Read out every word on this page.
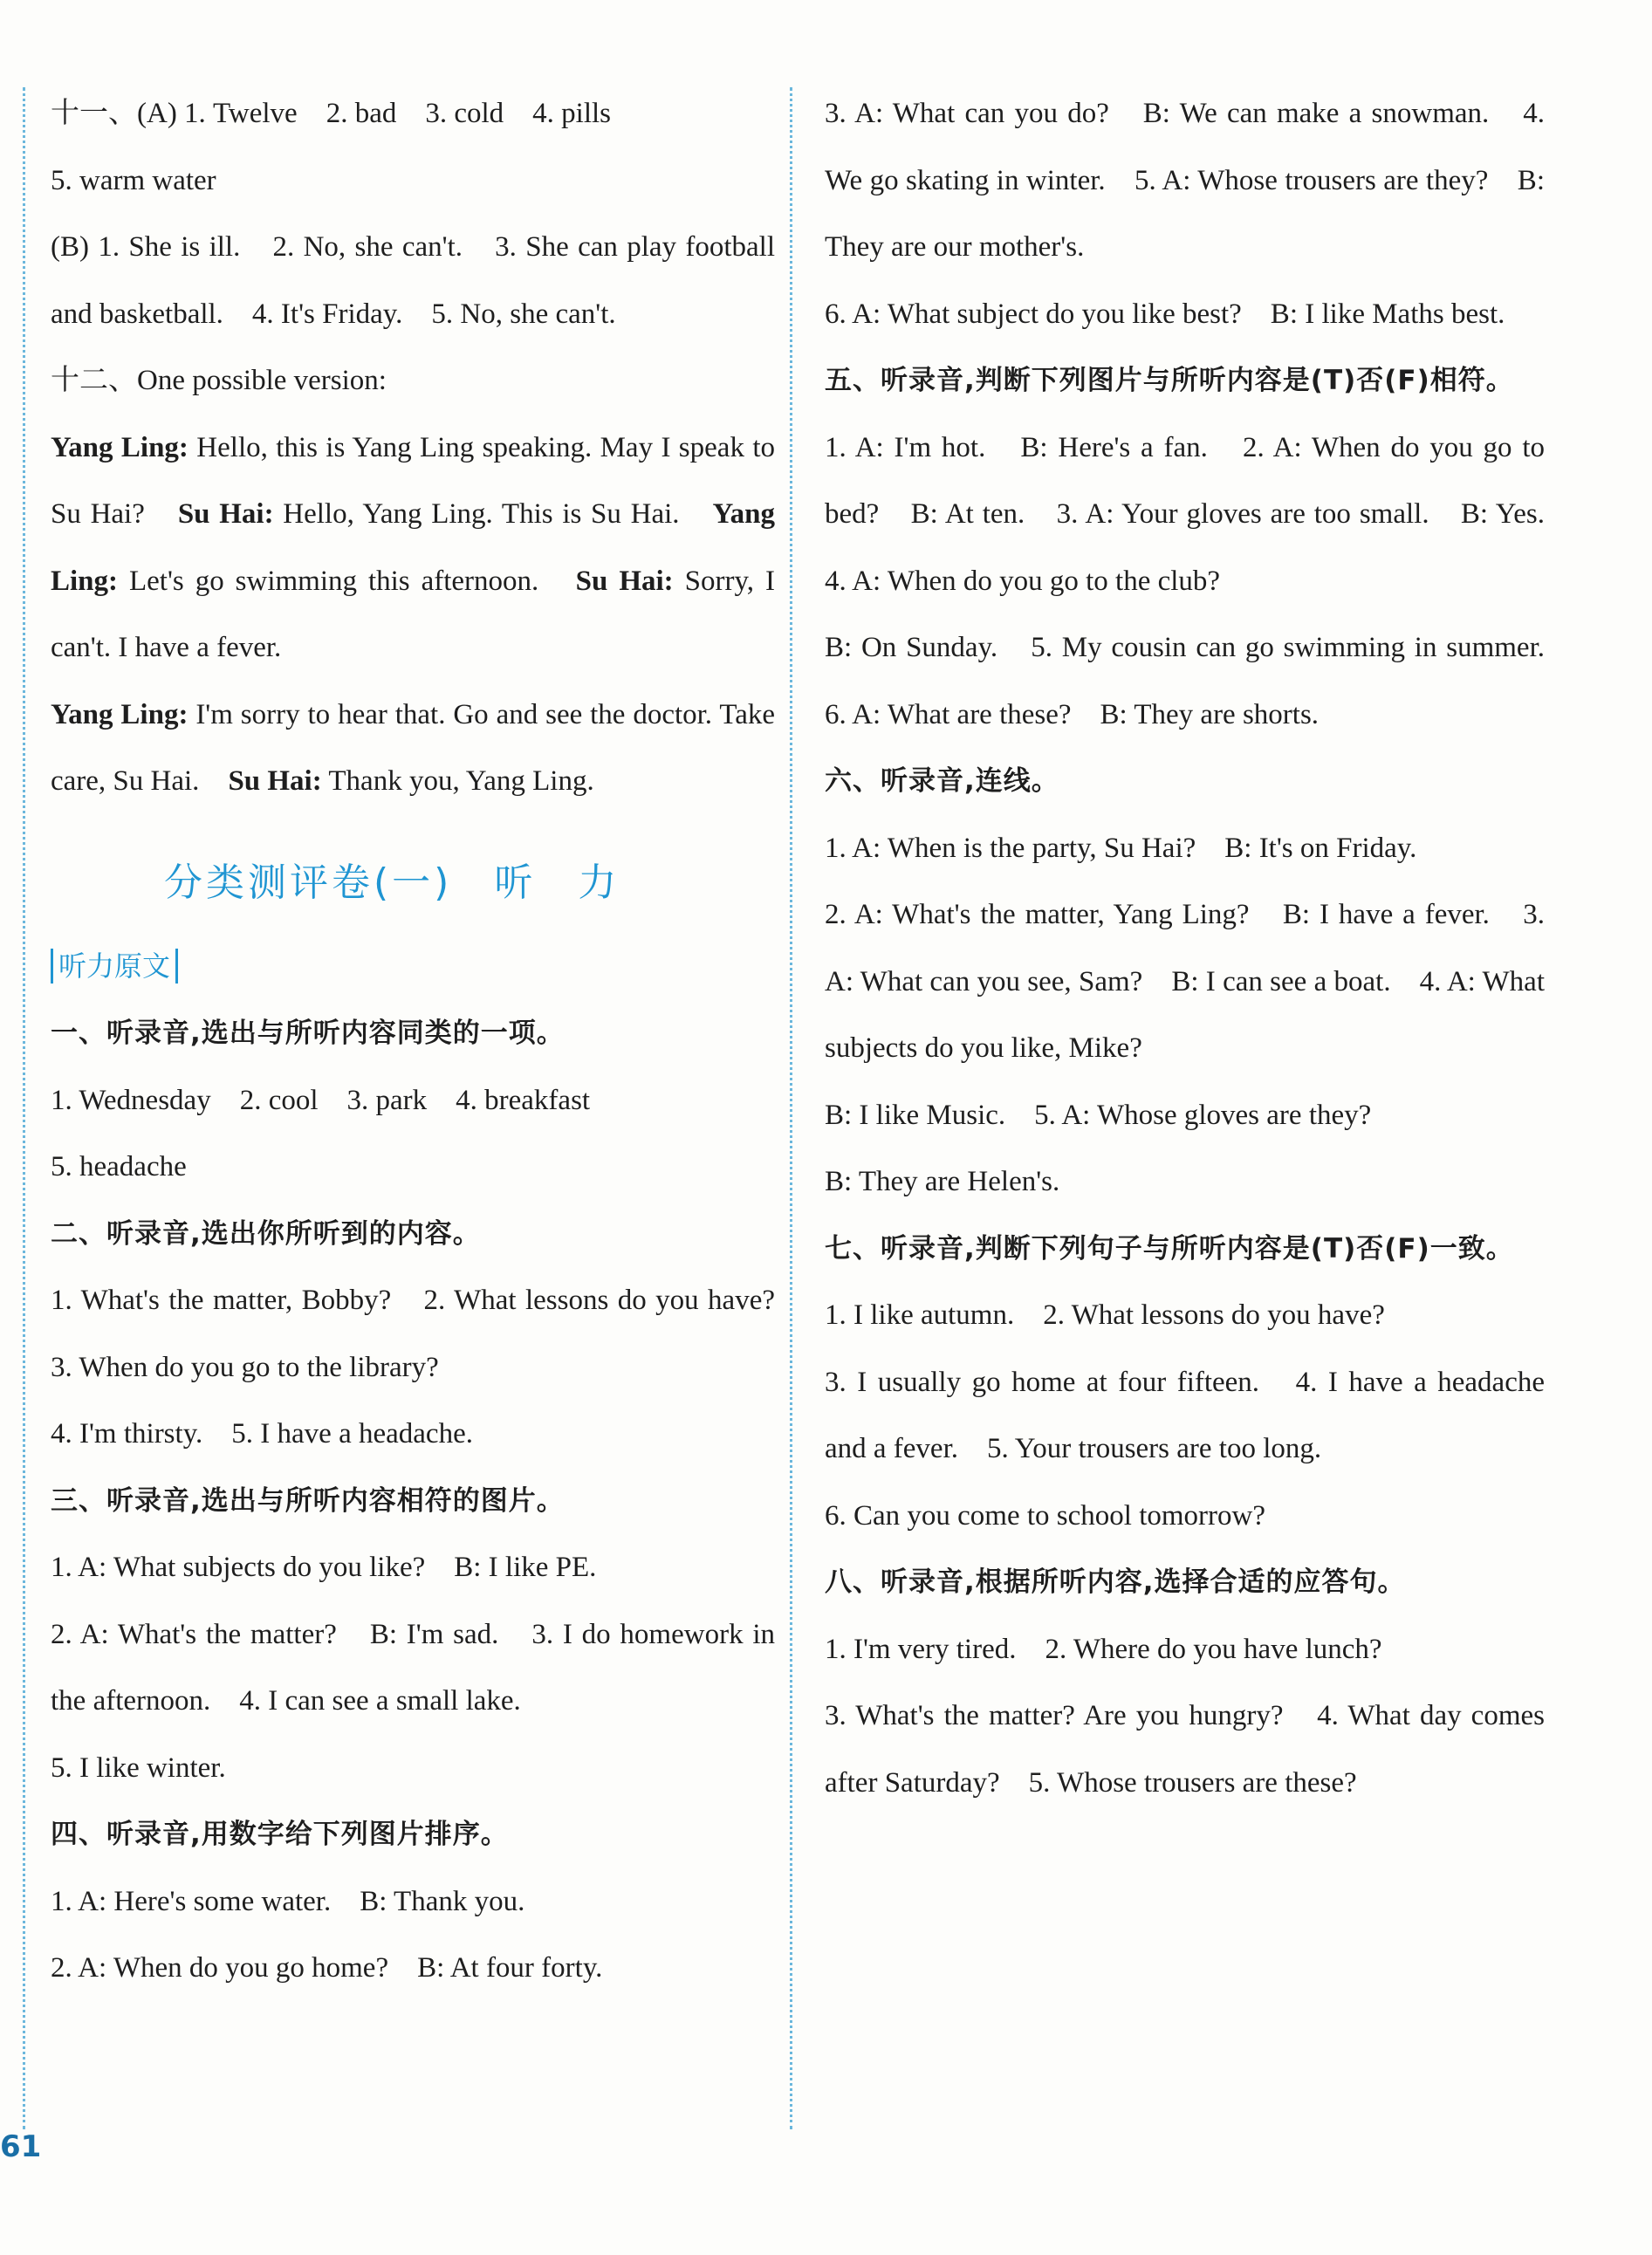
十一、(A) 1. Twelve　2. bad　3. cold　4. pills

5. warm water

(B) 1. She is ill.　2. No, she can't.　3. She can play football and basketball.　4. It's Friday.　5. No, she can't.

十二、One possible version:

Yang Ling: Hello, this is Yang Ling speaking. May I speak to Su Hai?　Su Hai: Hello, Yang Ling. This is Su Hai.　Yang Ling: Let's go swimming this afternoon.　Su Hai: Sorry, I can't. I have a fever.

Yang Ling: I'm sorry to hear that. Go and see the doctor. Take care, Su Hai.　Su Hai: Thank you, Yang Ling.

分类测评卷(一)　听　力
听力原文

一、听录音,选出与所听内容同类的一项。

1. Wednesday　2. cool　3. park　4. breakfast

5. headache

二、听录音,选出你所听到的内容。

1. What's the matter, Bobby?　2. What lessons do you have?　3. When do you go to the library?

4. I'm thirsty.　5. I have a headache.

三、听录音,选出与所听内容相符的图片。

1. A: What subjects do you like?　B: I like PE.

2. A: What's the matter?　B: I'm sad.　3. I do homework in the afternoon.　4. I can see a small lake.

5. I like winter.

四、听录音,用数字给下列图片排序。

1. A: Here's some water.　B: Thank you.

2. A: When do you go home?　B: At four forty.

3. A: What can you do?　B: We can make a snowman.　4. We go skating in winter.　5. A: Whose trousers are they?　B: They are our mother's.

6. A: What subject do you like best?　B: I like Maths best.

五、听录音,判断下列图片与所听内容是(T)否(F)相符。

1. A: I'm hot.　B: Here's a fan.　2. A: When do you go to bed?　B: At ten.　3. A: Your gloves are too small.　B: Yes.　4. A: When do you go to the club?

B: On Sunday.　5. My cousin can go swimming in summer.　6. A: What are these?　B: They are shorts.

六、听录音,连线。

1. A: When is the party, Su Hai?　B: It's on Friday.

2. A: What's the matter, Yang Ling?　B: I have a fever.　3. A: What can you see, Sam?　B: I can see a boat.　4. A: What subjects do you like, Mike?

B: I like Music.　5. A: Whose gloves are they?

B: They are Helen's.

七、听录音,判断下列句子与所听内容是(T)否(F)一致。

1. I like autumn.　2. What lessons do you have?

3. I usually go home at four fifteen.　4. I have a headache and a fever.　5. Your trousers are too long.

6. Can you come to school tomorrow?

八、听录音,根据所听内容,选择合适的应答句。

1. I'm very tired.　2. Where do you have lunch?

3. What's the matter? Are you hungry?　4. What day comes after Saturday?　5. Whose trousers are these?

61
